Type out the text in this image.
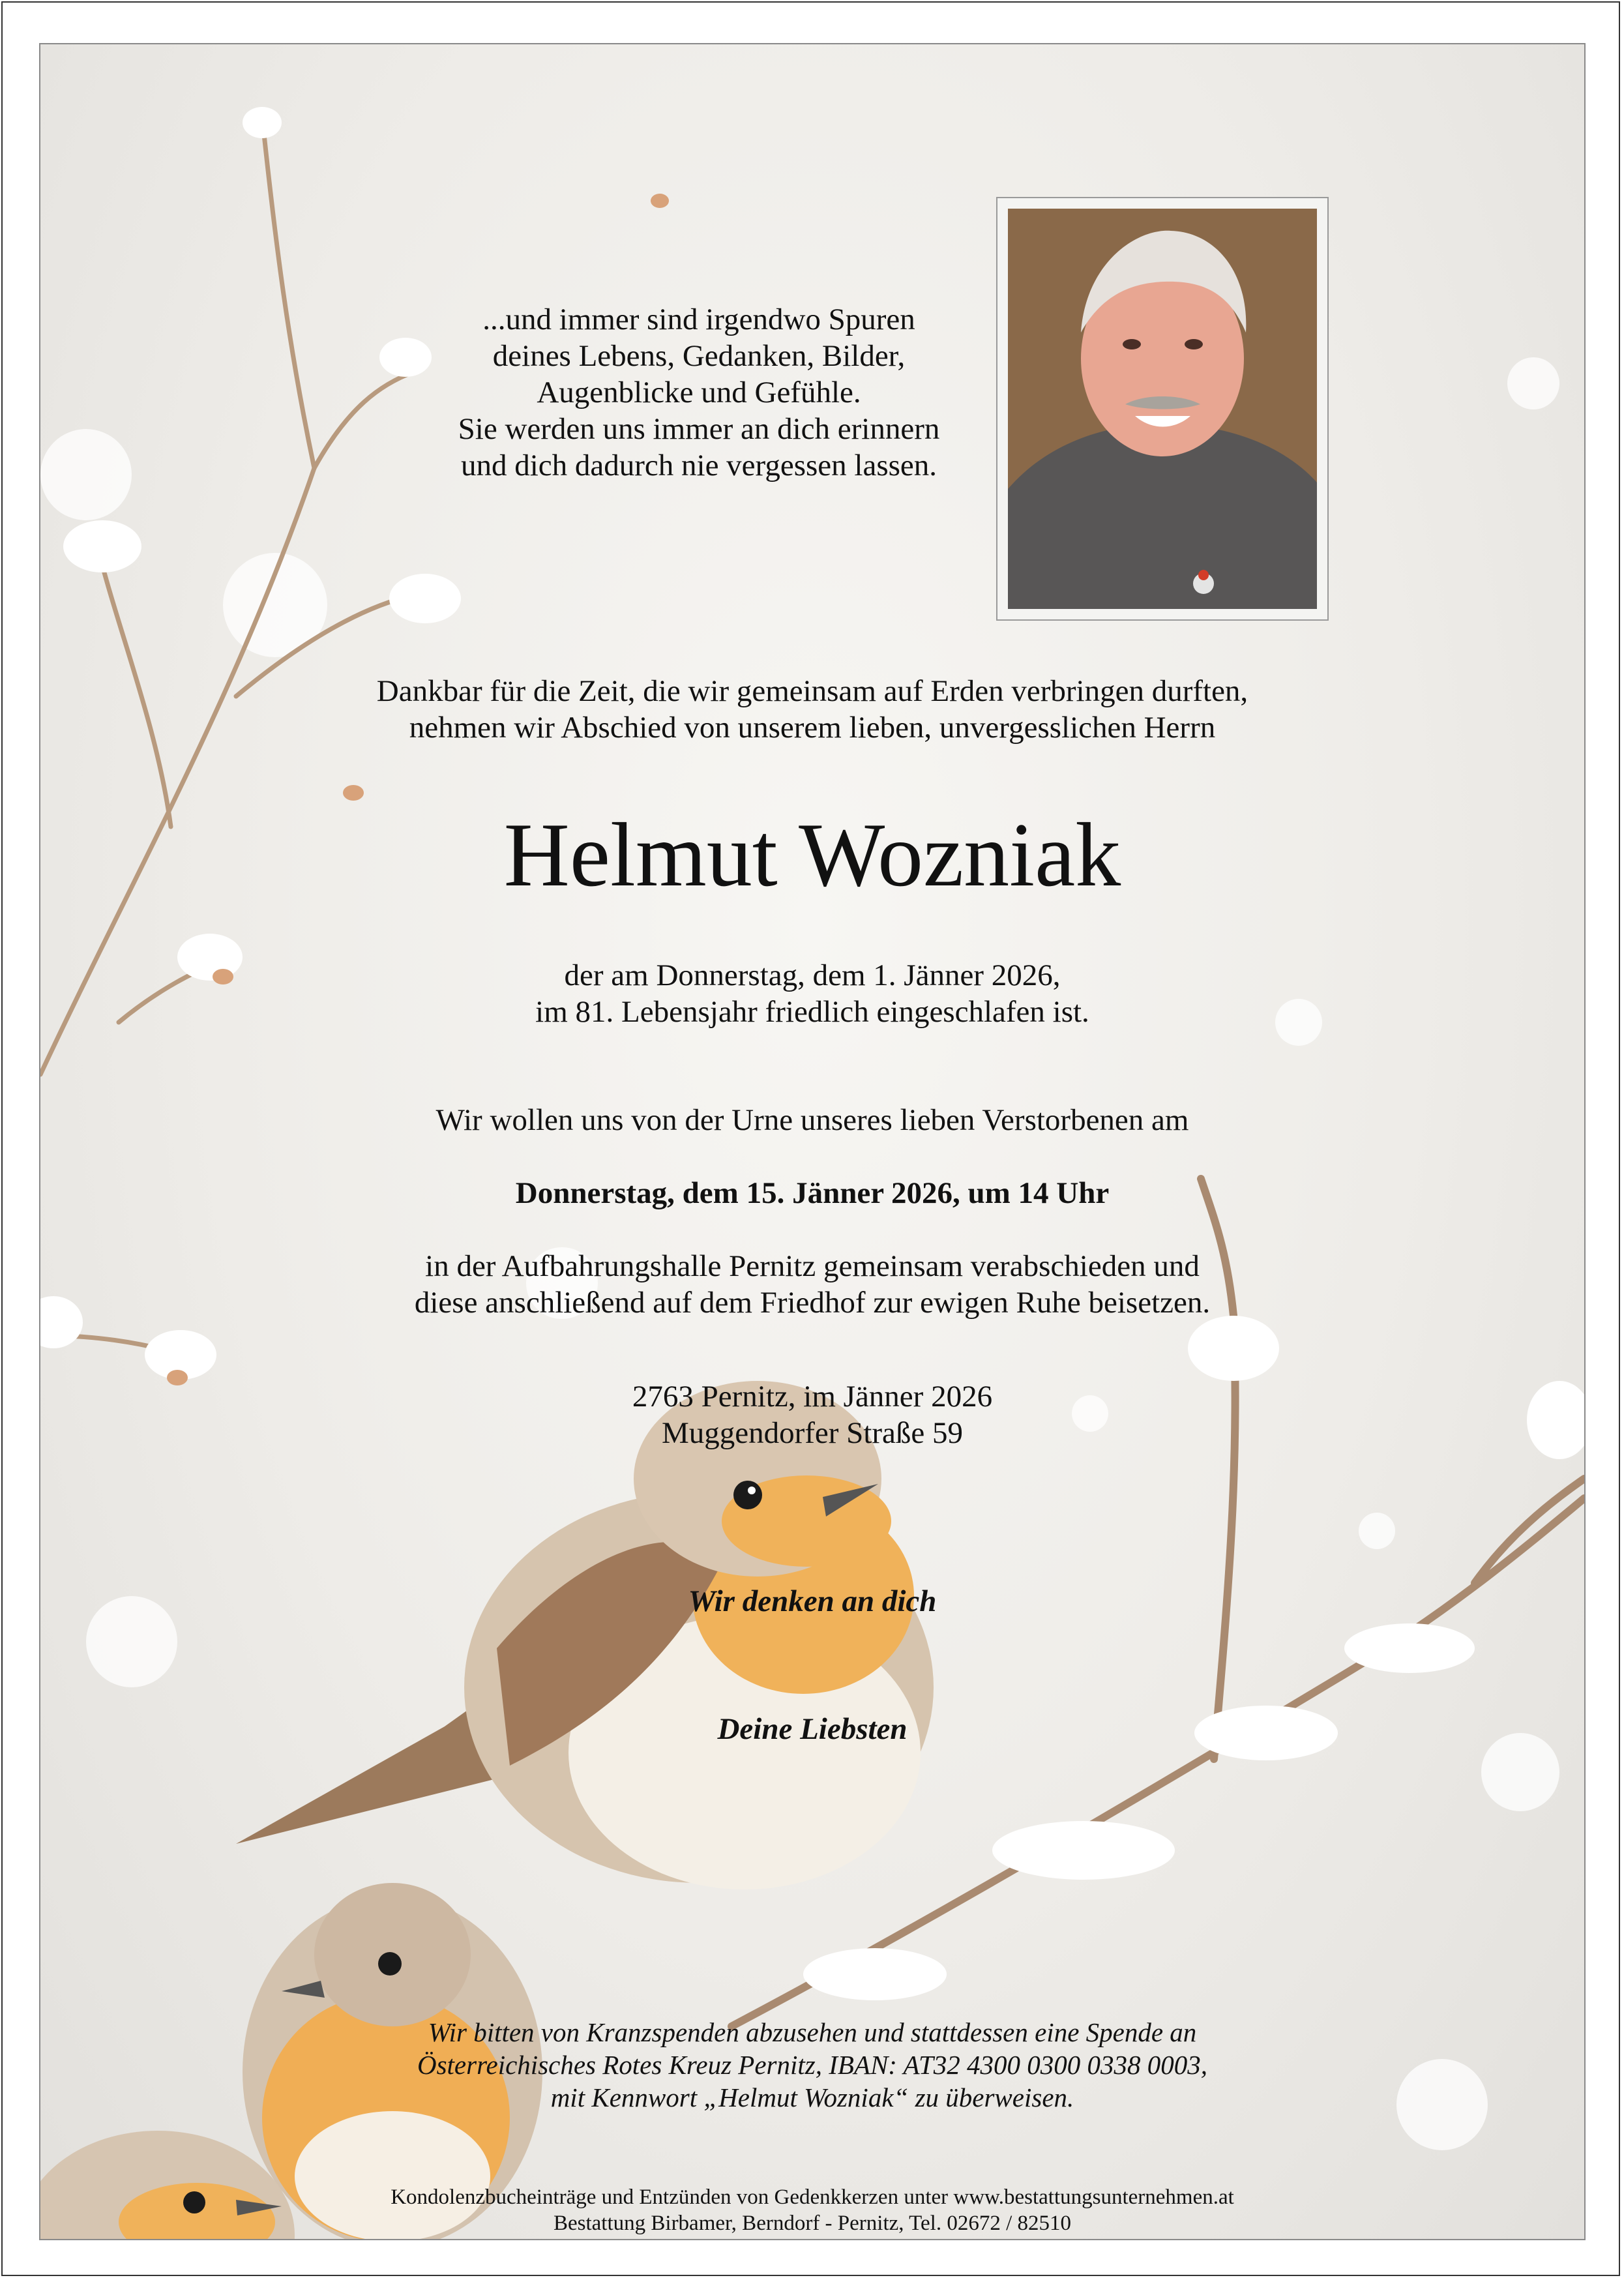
...und immer sind irgendwo Spuren
deines Lebens, Gedanken, Bilder,
Augenblicke und Gefühle.
Sie werden uns immer an dich erinnern
und dich dadurch nie vergessen lassen.
Dankbar für die Zeit, die wir gemeinsam auf Erden verbringen durften,
nehmen wir Abschied von unserem lieben, unvergesslichen Herrn
Helmut Wozniak
der am Donnerstag, dem 1. Jänner 2026,
im 81. Lebensjahr friedlich eingeschlafen ist.
Wir wollen uns von der Urne unseres lieben Verstorbenen am
Donnerstag, dem 15. Jänner 2026, um 14 Uhr
in der Aufbahrungshalle Pernitz gemeinsam verabschieden und
diese anschließend auf dem Friedhof zur ewigen Ruhe beisetzen.
2763 Pernitz, im Jänner 2026
Muggendorfer Straße 59
Wir denken an dich
Deine Liebsten
Wir bitten von Kranzspenden abzusehen und stattdessen eine Spende an
Österreichisches Rotes Kreuz Pernitz, IBAN: AT32 4300 0300 0338 0003,
mit Kennwort „Helmut Wozniak“ zu überweisen.
Kondolenzbucheinträge und Entzünden von Gedenkkerzen unter www.bestattungsunternehmen.at
Bestattung Birbamer, Berndorf - Pernitz, Tel. 02672 / 82510
